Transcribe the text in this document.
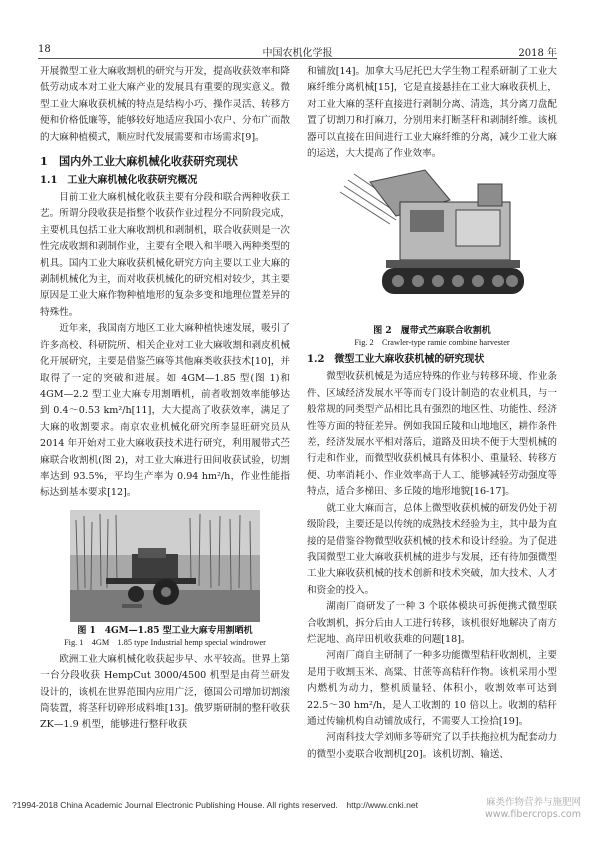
18	中国农机化学报	2018 年

开展微型工业大麻收割机的研究与开发，提高收获效率和降低劳动成本对工业大麻产业的发展具有重要的现实意义。微型工业大麻收获机械的特点是结构小巧、操作灵活、转移方便和价格低廉等，能够较好地适应我国小农户、分布广而散的大麻种植模式，顺应时代发展需要和市场需求[9]。

1　国内外工业大麻机械化收获研究现状
1.1　工业大麻机械化收获研究概况

目前工业大麻机械化收获主要有分段和联合两种收获工艺。所谓分段收获是指整个收获作业过程分不同阶段完成，主要机具包括工业大麻收割机和剥制机，联合收获则是一次性完成收割和剥制作业，主要有全喂入和半喂入两种类型的机具。国内工业大麻收获机械化研究方向主要以工业大麻的剥制机械化为主，而对收获机械化的研究相对较少，其主要原因是工业大麻作物种植地形的复杂多变和地理位置差异的特殊性。

近年来，我国南方地区工业大麻种植快速发展，吸引了许多高校、科研院所、相关企业对工业大麻收割和剥皮机械化开展研究，主要是借鉴苎麻等其他麻类收获技术[10]，并取得了一定的突破和进展。如 4GM—1.85 型(图 1)和 4GM—2.2 型工业大麻专用割晒机，前者收割效率能够达到 0.4～0.53 km²/h[11]，大大提高了收获效率，满足了大麻的收割要求。南京农业机械化研究所李显旺研究员从 2014 年开始对工业大麻收获技术进行研究，利用履带式苎麻联合收割机(图 2)，对工业大麻进行田间收获试验，切割率达到 93.5%，平均生产率为 0.94 hm²/h，作业性能指标达到基本要求[12]。

图 1　4GM—1.85 型工业大麻专用割晒机
Fig. 1　4GM　1.85 type Industrial hemp special windrower

欧洲工业大麻机械化收获起步早、水平较高。世界上第一台分段收获 HempCut 3000/4500 机型是由荷兰研发设计的，该机在世界范围内应用广泛，德国公司增加切割滚筒装置，将茎秆切碎形成料堆[13]。俄罗斯研制的整秆收获 ZK—1.9 机型，能够进行整秆收获

和铺放[14]。加拿大马尼托巴大学生物工程系研制了工业大麻纤维分离机械[15]，它是直接悬挂在工业大麻收获机上，对工业大麻的茎秆直接进行剥制分离、清选，其分离刀盘配置了切割刀和打麻刀，分别用来打断茎秆和剥制纤维。该机器可以直接在田间进行工业大麻纤维的分离，减少工业大麻的运送，大大提高了作业效率。

图 2　履带式苎麻联合收割机
Fig. 2　Crawler-type ramie combine harvester
1.2　微型工业大麻收获机械的研究现状

微型收获机械是为适应特殊的作业与转移环境、作业条件、区域经济发展水平等而专门设计制造的农业机具，与一般常规的同类型产品相比具有强烈的地区性、功能性、经济性等方面的特征差异。例如我国丘陵和山地地区，耕作条件差，经济发展水平相对落后，道路及田块不便于大型机械的行走和作业，而微型收获机械具有体积小、重量轻、转移方便、功率消耗小、作业效率高于人工、能够减轻劳动强度等特点，适合多梯田、多丘陵的地形地貌[16-17]。

就工业大麻而言，总体上微型收获机械的研发仍处于初级阶段，主要还是以传统的成熟技术经验为主，其中最为直接的是借鉴谷物微型收获机械的技术和设计经验。为了促进我国微型工业大麻收获机械的进步与发展，还有待加强微型工业大麻收获机械的技术创新和技术突破，加大技术、人才和资金的投入。

湖南厂商研发了一种 3 个联体模块可拆便携式微型联合收割机，拆分后由人工进行转移，该机很好地解决了南方烂泥地、高岸田机收获难的问题[18]。

河南厂商自主研制了一种多功能微型秸秆收割机，主要是用于收割玉米、高粱、甘蔗等高秸秆作物。该机采用小型内燃机为动力，整机质量轻、体积小，收割效率可达到 22.5～30 hm²/h，是人工收割的 10 倍以上。收割的秸秆通过传输机构自动铺放成行，不需要人工捡拾[19]。

河南科技大学刘师多等研究了以手扶拖拉机为配套动力的微型小麦联合收割机[20]。该机切割、输送、

?1994-2018 China Academic Journal Electronic Publishing House. All rights reserved.　http://www.cnki.net	麻类作物营养与施肥网
www.fibercrops.com
